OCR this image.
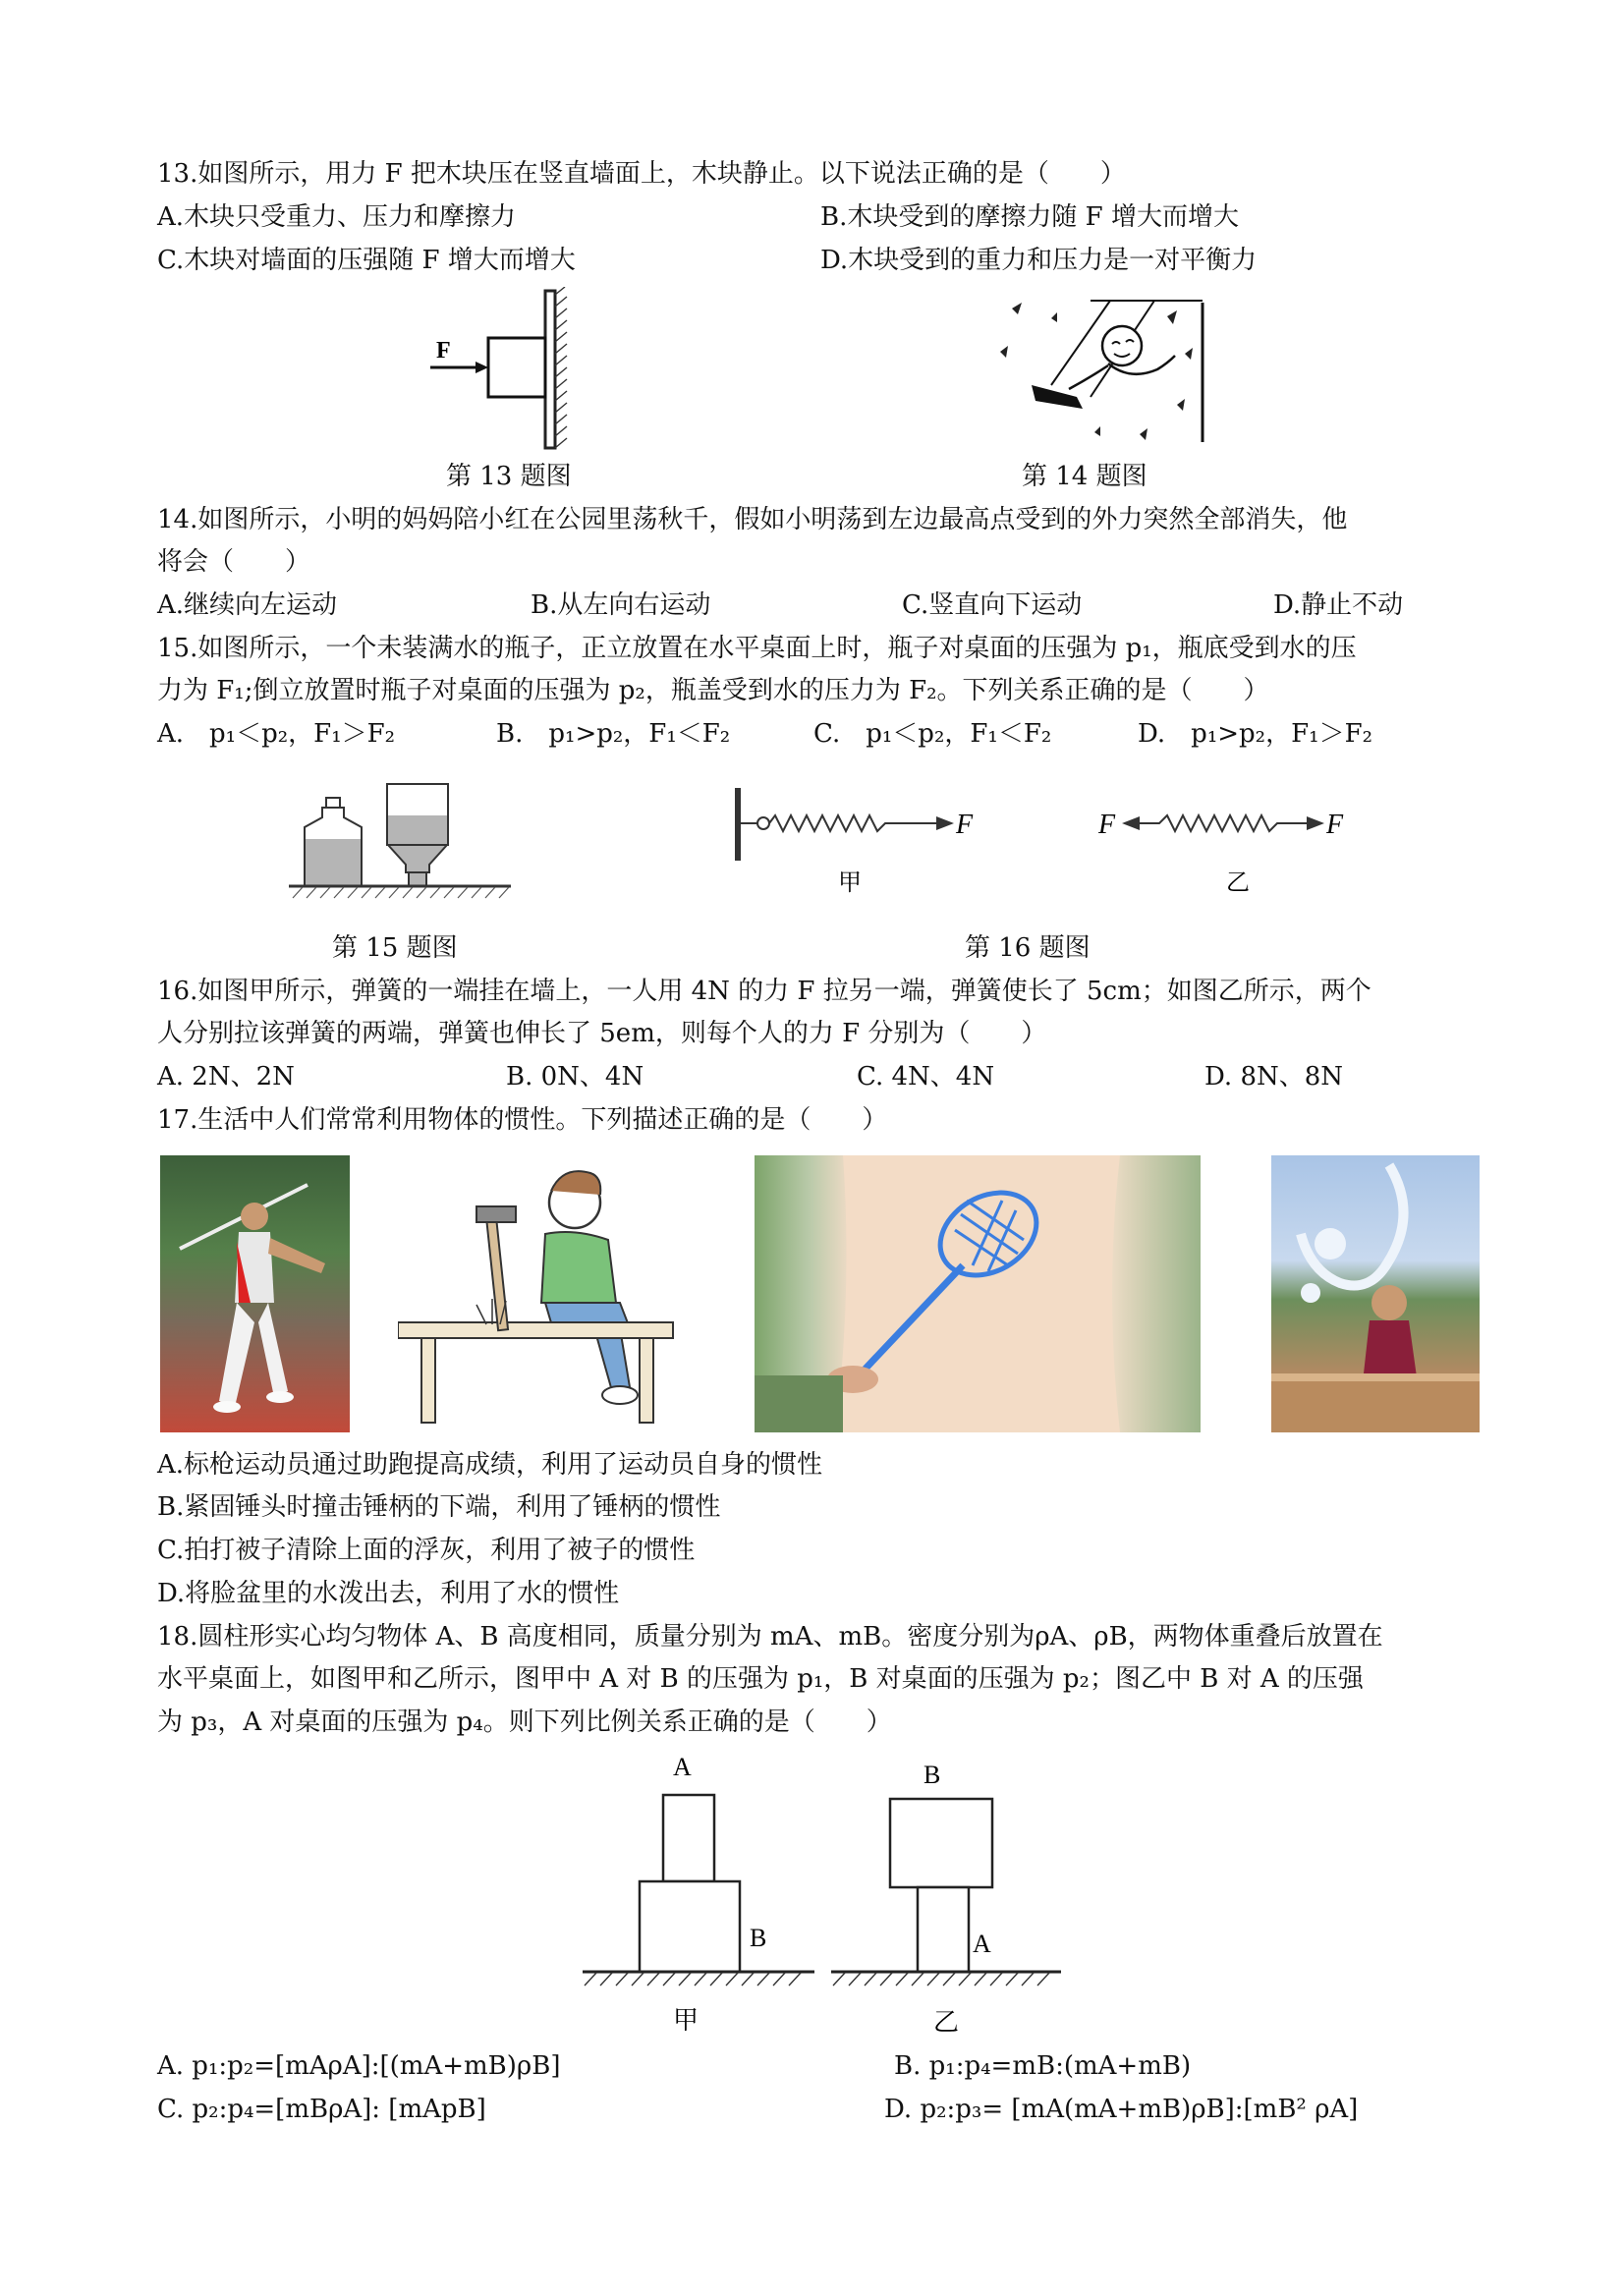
13.如图所示，用力 F 把木块压在竖直墙面上，木块静止。以下说法正确的是（　　）
A.木块只受重力、压力和摩擦力	B.木块受到的摩擦力随 F 增大而增大
C.木块对墙面的压强随 F 增大而增大	D.木块受到的重力和压力是一对平衡力
F
第 13 题图	第 14 题图
14.如图所示，小明的妈妈陪小红在公园里荡秋千，假如小明荡到左边最高点受到的外力突然全部消失，他
将会（　　）
A.继续向左运动	B.从左向右运动	C.竖直向下运动	D.静止不动
15.如图所示，一个未装满水的瓶子，正立放置在水平桌面上时，瓶子对桌面的压强为 p₁，瓶底受到水的压
力为 F₁;倒立放置时瓶子对桌面的压强为 p₂，瓶盖受到水的压力为 F₂。下列关系正确的是（　　）
A.　p₁＜p₂，F₁＞F₂	B.　p₁>p₂，F₁＜F₂	C.　p₁＜p₂，F₁＜F₂	D.　p₁>p₂，F₁＞F₂
第 15 题图
F
甲
F	F
乙
第 16 题图
16.如图甲所示，弹簧的一端挂在墙上，一人用 4N 的力 F 拉另一端，弹簧使长了 5cm；如图乙所示，两个
人分别拉该弹簧的两端，弹簧也伸长了 5em，则每个人的力 F 分别为（　　）
A. 2N、2N	B. 0N、4N	C. 4N、4N	D. 8N、8N
17.生活中人们常常利用物体的惯性。下列描述正确的是（　　）
A.标枪运动员通过助跑提高成绩，利用了运动员自身的惯性
B.紧固锤头时撞击锤柄的下端，利用了锤柄的惯性
C.拍打被子清除上面的浮灰，利用了被子的惯性
D.将脸盆里的水泼出去，利用了水的惯性
18.圆柱形实心均匀物体 A、B 高度相同，质量分别为 mA、mB。密度分别为ρA、ρB，两物体重叠后放置在
水平桌面上，如图甲和乙所示，图甲中 A 对 B 的压强为 p₁，B 对桌面的压强为 p₂；图乙中 B 对 A 的压强
为 p₃，A 对桌面的压强为 p₄。则下列比例关系正确的是（　　）
A
B
甲
B
A
乙
A. p₁:p₂=[mAρA]:[(mA+mB)ρB]	B. p₁:p₄=mB:(mA+mB)
C. p₂:p₄=[mBρA]: [mApB]	D. p₂:p₃= [mA(mA+mB)ρB]:[mB² ρA]
